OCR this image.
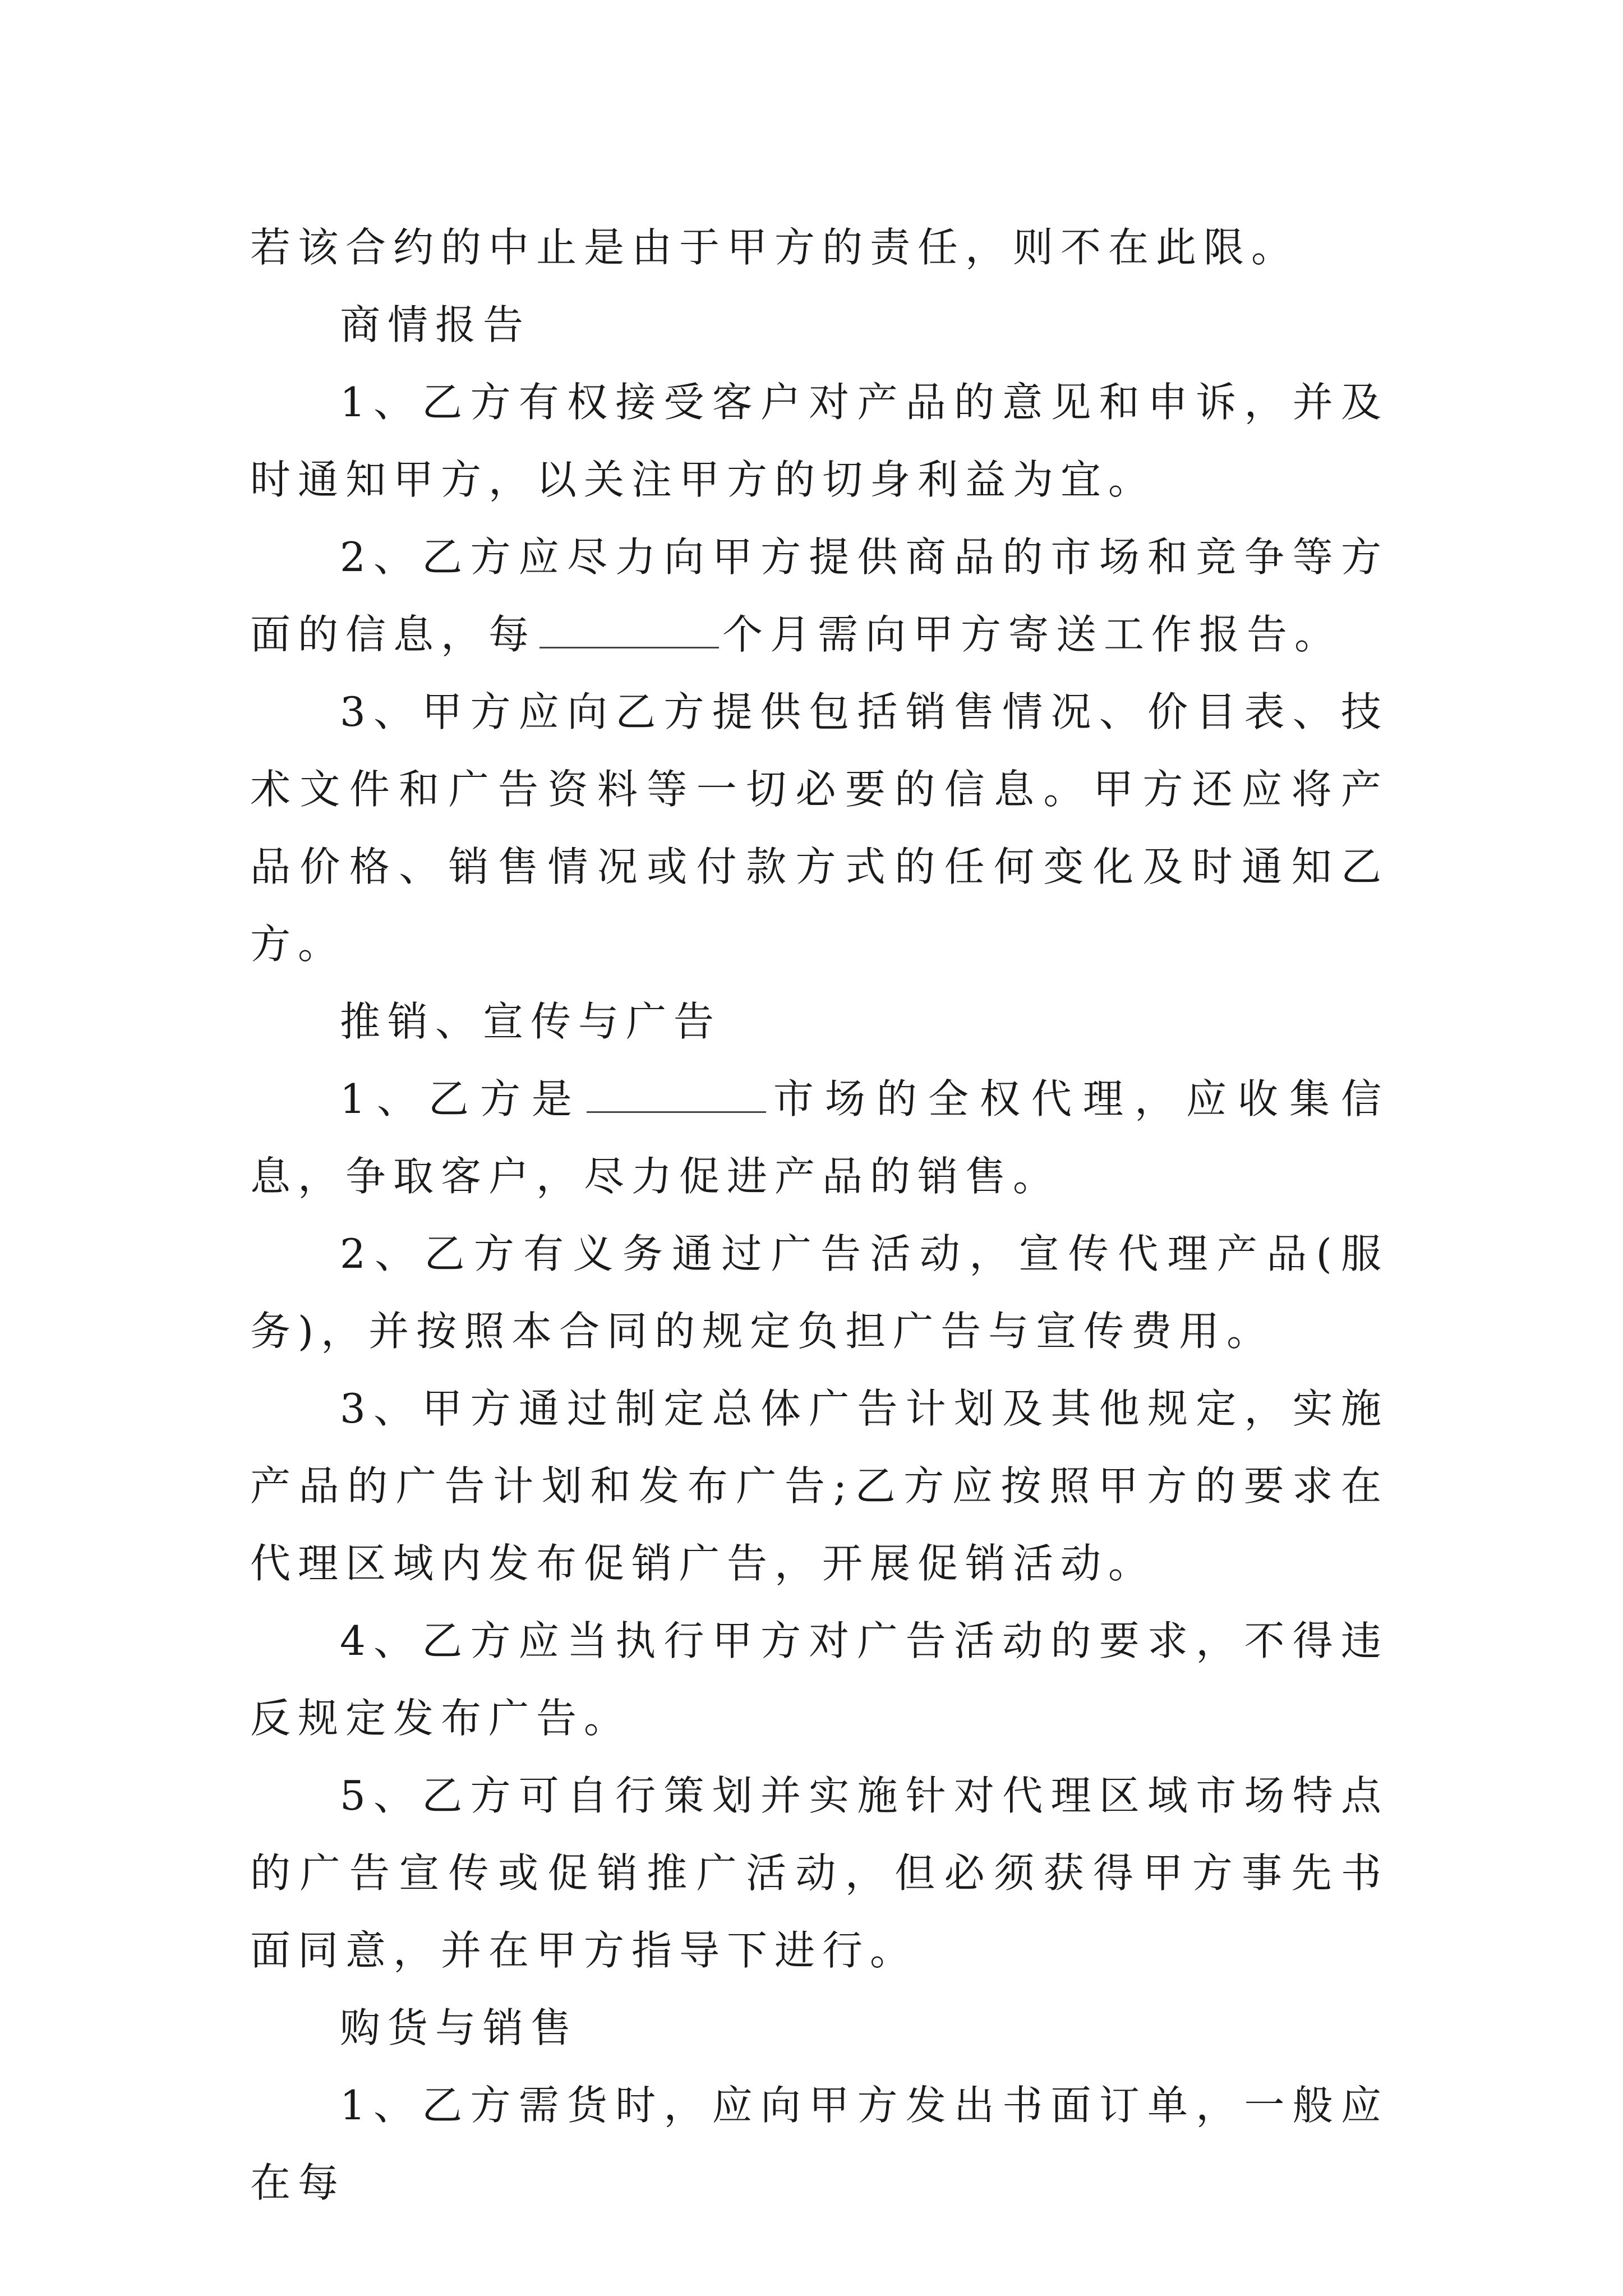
若该合约的中止是由于甲方的责任，则不在此限。

商情报告

1、乙方有权接受客户对产品的意见和申诉，并及时通知甲方，以关注甲方的切身利益为宜。

2、乙方应尽力向甲方提供商品的市场和竞争等方面的信息，每	个月需向甲方寄送工作报告。

3、甲方应向乙方提供包括销售情况、价目表、技术文件和广告资料等一切必要的信息。甲方还应将产品价格、销售情况或付款方式的任何变化及时通知乙方。

推销、宣传与广告

1、乙方是	市场的全权代理，应收集信息，争取客户，尽力促进产品的销售。

2、乙方有义务通过广告活动，宣传代理产品(服务)，并按照本合同的规定负担广告与宣传费用。

3、甲方通过制定总体广告计划及其他规定，实施产品的广告计划和发布广告;乙方应按照甲方的要求在代理区域内发布促销广告，开展促销活动。

4、乙方应当执行甲方对广告活动的要求，不得违反规定发布广告。

5、乙方可自行策划并实施针对代理区域市场特点的广告宣传或促销推广活动，但必须获得甲方事先书面同意，并在甲方指导下进行。

购货与销售

1、乙方需货时，应向甲方发出书面订单，一般应在每
